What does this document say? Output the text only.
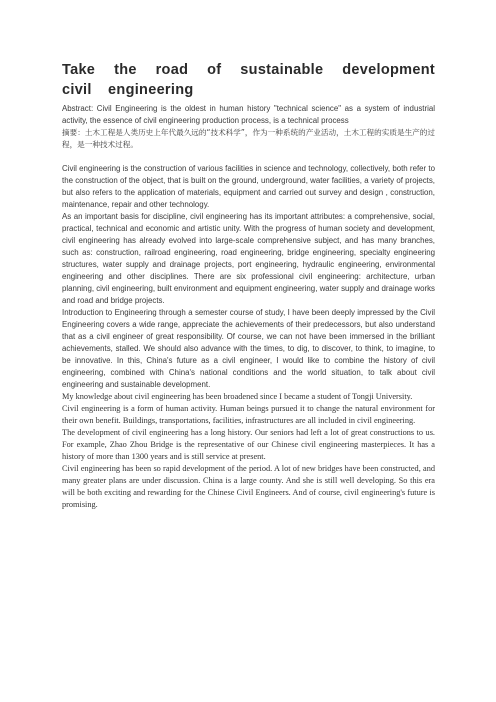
Take the road of sustainable development civil engineering

Abstract: Civil Engineering is the oldest in human history "technical science" as a system of industrial activity, the essence of civil engineering production process, is a technical process

摘要：土木工程是人类历史上年代最久远的“技术科学”，作为一种系统的产业活动，土木工程的实质是生产的过程，是一种技术过程。

Civil engineering is the construction of various facilities in science and technology, collectively, both refer to the construction of the object, that is built on the ground, underground, water facilities, a variety of projects, but also refers to the application of materials, equipment and carried out survey and design , construction, maintenance, repair and other technology.

As an important basis for discipline, civil engineering has its important attributes: a comprehensive, social, practical, technical and economic and artistic unity. With the progress of human society and development, civil engineering has already evolved into large-scale comprehensive subject, and has many branches, such as: construction, railroad engineering, road engineering, bridge engineering, specialty engineering structures, water supply and drainage projects, port engineering, hydraulic engineering, environmental engineering and other disciplines. There are six professional civil engineering: architecture, urban planning, civil engineering, built environment and equipment engineering, water supply and drainage works and road and bridge projects.

Introduction to Engineering through a semester course of study, I have been deeply impressed by the Civil Engineering covers a wide range, appreciate the achievements of their predecessors, but also understand that as a civil engineer of great responsibility. Of course, we can not have been immersed in the brilliant achievements, stalled. We should also advance with the times, to dig, to discover, to think, to imagine, to be innovative. In this, China's future as a civil engineer, I would like to combine the history of civil engineering, combined with China's national conditions and the world situation, to talk about civil engineering and sustainable development.

My knowledge about civil engineering has been broadened since I became a student of Tongji University.

Civil engineering is a form of human activity. Human beings pursued it to change the natural environment for their own benefit. Buildings, transportations, facilities, infrastructures are all included in civil engineering.

The development of civil engineering has a long history. Our seniors had left a lot of great constructions to us. For example, Zhao Zhou Bridge is the representative of our Chinese civil engineering masterpieces. It has a history of more than 1300 years and is still service at present.

Civil engineering has been so rapid development of the period. A lot of new bridges have been constructed, and many greater plans are under discussion. China is a large county. And she is still well developing. So this era will be both exciting and rewarding for the Chinese Civil Engineers. And of course, civil engineering's future is promising.
